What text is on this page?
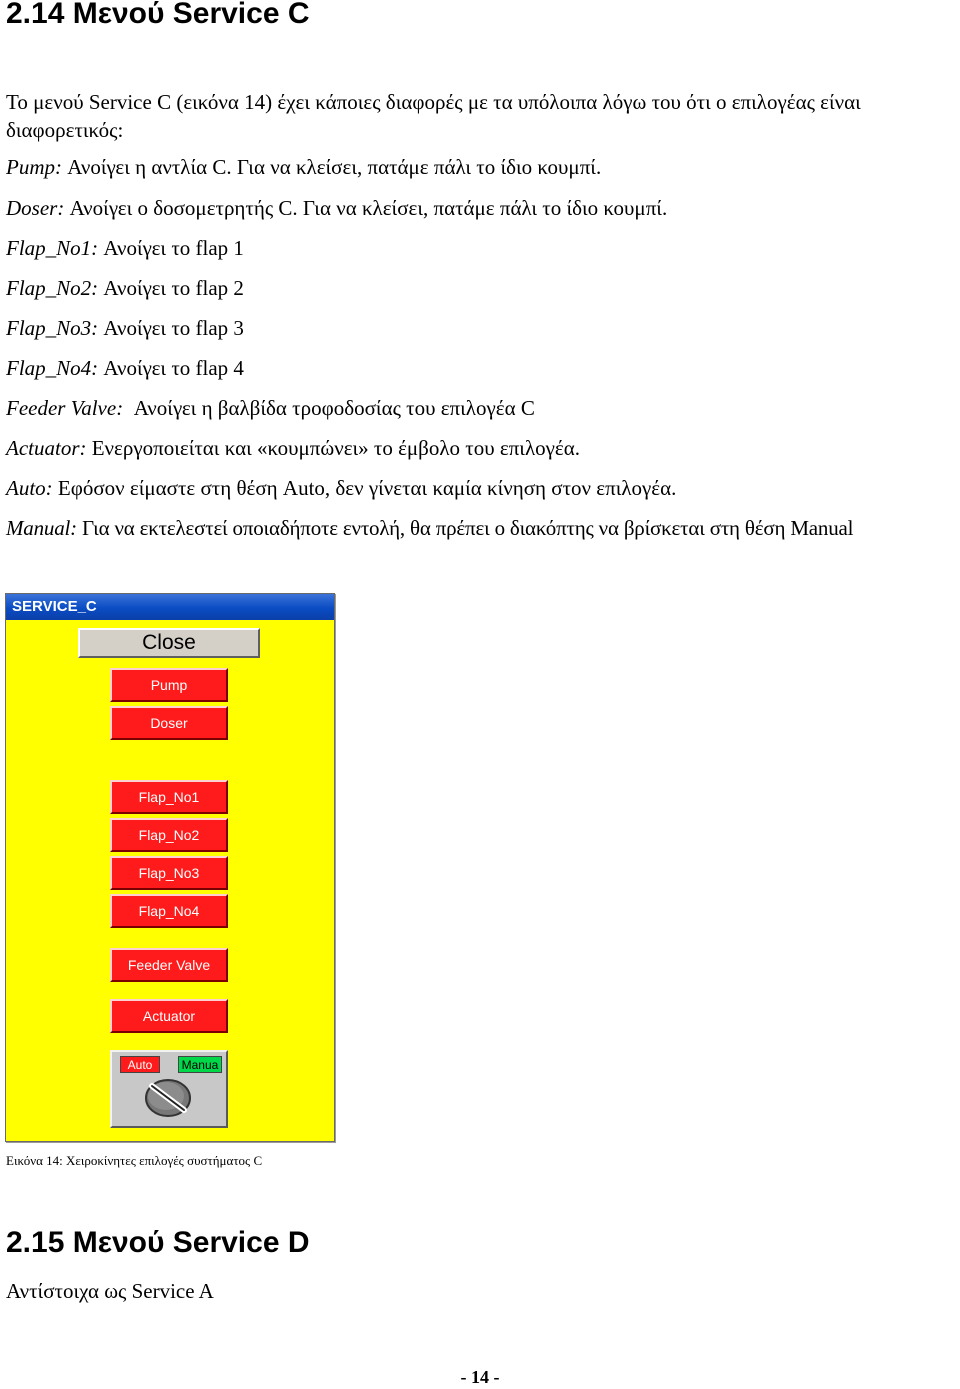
2.14 Μενού Service C

Το μενού Service C (εικόνα 14) έχει κάποιες διαφορές με τα υπόλοιπα λόγω του ότι ο επιλογέας είναι διαφορετικός:

Pump: Ανοίγει η αντλία C. Για να κλείσει, πατάμε πάλι το ίδιο κουμπί.

Doser: Ανοίγει ο δοσομετρητής C. Για να κλείσει, πατάμε πάλι το ίδιο κουμπί.

Flap_No1: Ανοίγει το flap 1

Flap_No2: Ανοίγει το flap 2

Flap_No3: Ανοίγει το flap 3

Flap_No4: Ανοίγει το flap 4

Feeder Valve:  Ανοίγει η βαλβίδα τροφοδοσίας του επιλογέα C

Actuator: Ενεργοποιείται και «κουμπώνει» το έμβολο του επιλογέα.

Auto: Εφόσον είμαστε στη θέση Auto, δεν γίνεται καμία κίνηση στον επιλογέα.

Manual: Για να εκτελεστεί οποιαδήποτε εντολή, θα πρέπει ο διακόπτης να βρίσκεται στη θέση Manual

SERVICE_C
Close
Pump
Doser
Flap_No1
Flap_No2
Flap_No3
Flap_No4
Feeder Valve
Actuator
Auto	Manua

Εικόνα 14: Χειροκίνητες επιλογές συστήματος C

2.15 Μενού Service D

Αντίστοιχα ως Service A

- 14 -
